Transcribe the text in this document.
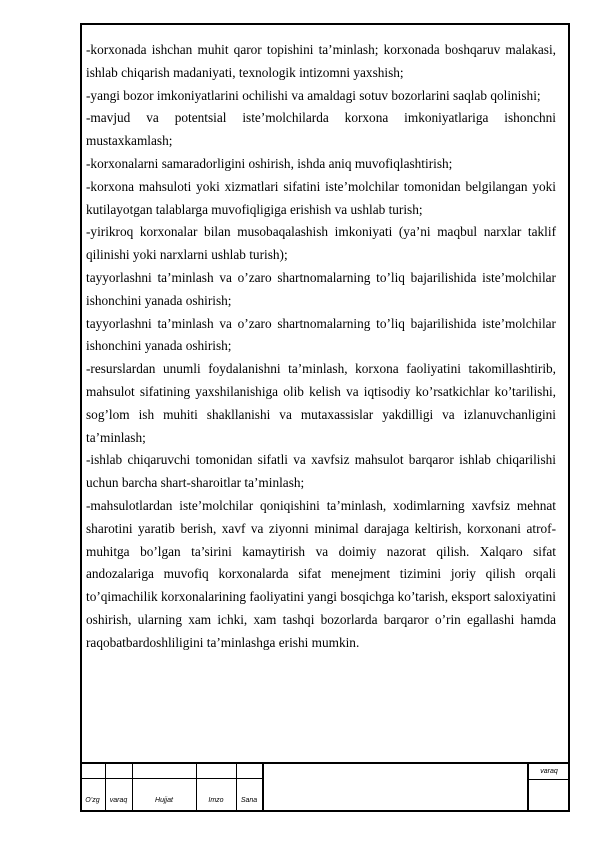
-korxonada ishchan muhit qaror topishini ta’minlash; korxonada boshqaruv malakasi, ishlab chiqarish madaniyati, texnologik intizomni yaxshish;

-yangi bozor imkoniyatlarini ochilishi va amaldagi sotuv bozorlarini saqlab qolinishi;

-mavjud va potentsial iste’molchilarda korxona imkoniyatlariga ishonchni mustaxkamlash;

-korxonalarni samaradorligini oshirish, ishda aniq muvofiqlashtirish;

-korxona mahsuloti yoki xizmatlari sifatini iste’molchilar tomonidan belgilangan yoki kutilayotgan talablarga muvofiqligiga erishish va ushlab turish;

-yirikroq korxonalar bilan musobaqalashish imkoniyati (ya’ni maqbul narxlar taklif qilinishi yoki narxlarni ushlab turish);

tayyorlashni ta’minlash va o’zaro shartnomalarning to’liq bajarilishida iste’molchilar ishonchini yanada oshirish;

tayyorlashni ta’minlash va o’zaro shartnomalarning to’liq bajarilishida iste’molchilar ishonchini yanada oshirish;

-resurslardan unumli foydalanishni ta’minlash, korxona faoliyatini takomillashtirib, mahsulot sifatining yaxshilanishiga olib kelish va iqtisodiy ko’rsatkichlar ko’tarilishi, sog’lom ish muhiti shakllanishi va mutaxassislar yakdilligi va izlanuvchanligini ta’minlash;

-ishlab chiqaruvchi tomonidan sifatli va xavfsiz mahsulot barqaror ishlab chiqarilishi uchun barcha shart-sharoitlar ta’minlash;

-mahsulotlardan iste’molchilar qoniqishini ta’minlash, xodimlarning xavfsiz mehnat sharotini yaratib berish, xavf va ziyonni minimal darajaga keltirish, korxonani atrof-muhitga bo’lgan ta’sirini kamaytirish va doimiy nazorat qilish. Xalqaro sifat andozalariga muvofiq korxonalarda sifat menejment tizimini joriy qilish orqali to’qimachilik korxonalarining faoliyatini yangi bosqichga ko’tarish, eksport saloxiyatini oshirish, ularning xam ichki, xam tashqi bozorlarda barqaror o’rin egallashi hamda raqobatbardoshliligini ta’minlashga erishi mumkin.

O’zg	varaq	Hujjat	Imzo	Sana
varaq
